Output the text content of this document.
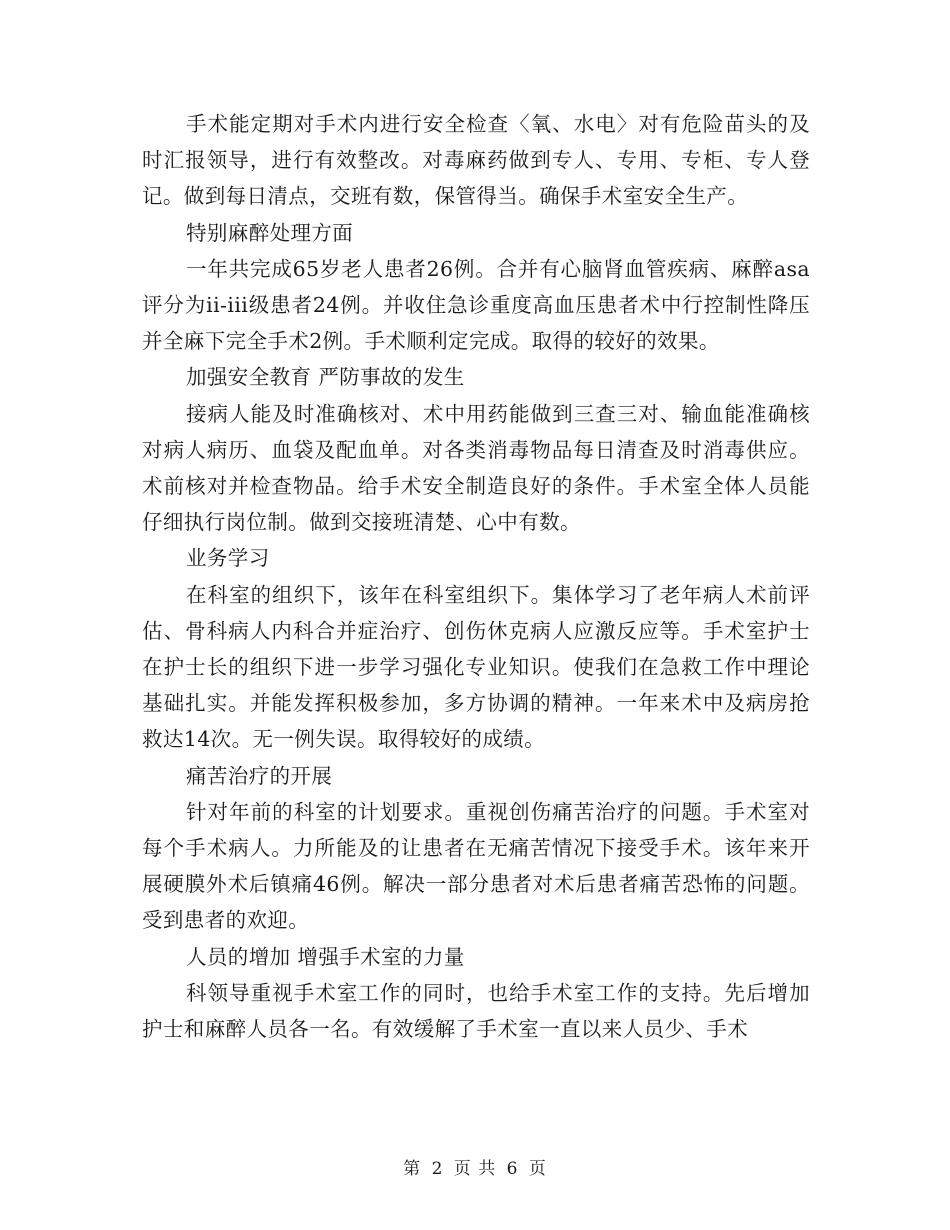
手术能定期对手术内进行安全检查〈氧、水电〉对有危险苗头的及时汇报领导，进行有效整改。对毒麻药做到专人、专用、专柜、专人登记。做到每日清点，交班有数，保管得当。确保手术室安全生产。

特别麻醉处理方面

一年共完成65岁老人患者26例。合并有心脑肾血管疾病、麻醉asa评分为ii-iii级患者24例。并收住急诊重度高血压患者术中行控制性降压并全麻下完全手术2例。手术顺利定完成。取得的较好的效果。

加强安全教育 严防事故的发生

接病人能及时准确核对、术中用药能做到三查三对、输血能准确核对病人病历、血袋及配血单。对各类消毒物品每日清查及时消毒供应。术前核对并检查物品。给手术安全制造良好的条件。手术室全体人员能仔细执行岗位制。做到交接班清楚、心中有数。

业务学习

在科室的组织下，该年在科室组织下。集体学习了老年病人术前评估、骨科病人内科合并症治疗、创伤休克病人应激反应等。手术室护士在护士长的组织下进一步学习强化专业知识。使我们在急救工作中理论基础扎实。并能发挥积极参加，多方协调的精神。一年来术中及病房抢救达14次。无一例失误。取得较好的成绩。

痛苦治疗的开展

针对年前的科室的计划要求。重视创伤痛苦治疗的问题。手术室对每个手术病人。力所能及的让患者在无痛苦情况下接受手术。该年来开展硬膜外术后镇痛46例。解决一部分患者对术后患者痛苦恐怖的问题。受到患者的欢迎。

人员的增加 增强手术室的力量

科领导重视手术室工作的同时，也给手术室工作的支持。先后增加护士和麻醉人员各一名。有效缓解了手术室一直以来人员少、手术

第 2 页 共 6 页
